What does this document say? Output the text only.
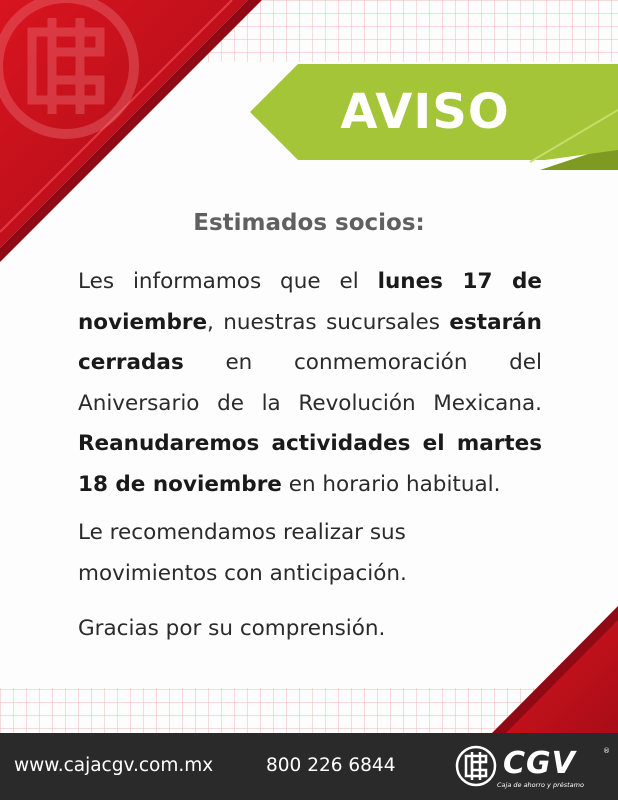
AVISO
Estimados socios:

Les informamos que el lunes 17 de noviembre, nuestras sucursales estarán cerradas en conmemoración del Aniversario de la Revolución Mexicana. Reanudaremos actividades el martes 18 de noviembre en horario habitual.

Le recomendamos realizar sus movimientos con anticipación.

Gracias por su comprensión.

www.cajacgv.com.mx	800 226 6844	CGV	®
Caja de ahorro y préstamo
